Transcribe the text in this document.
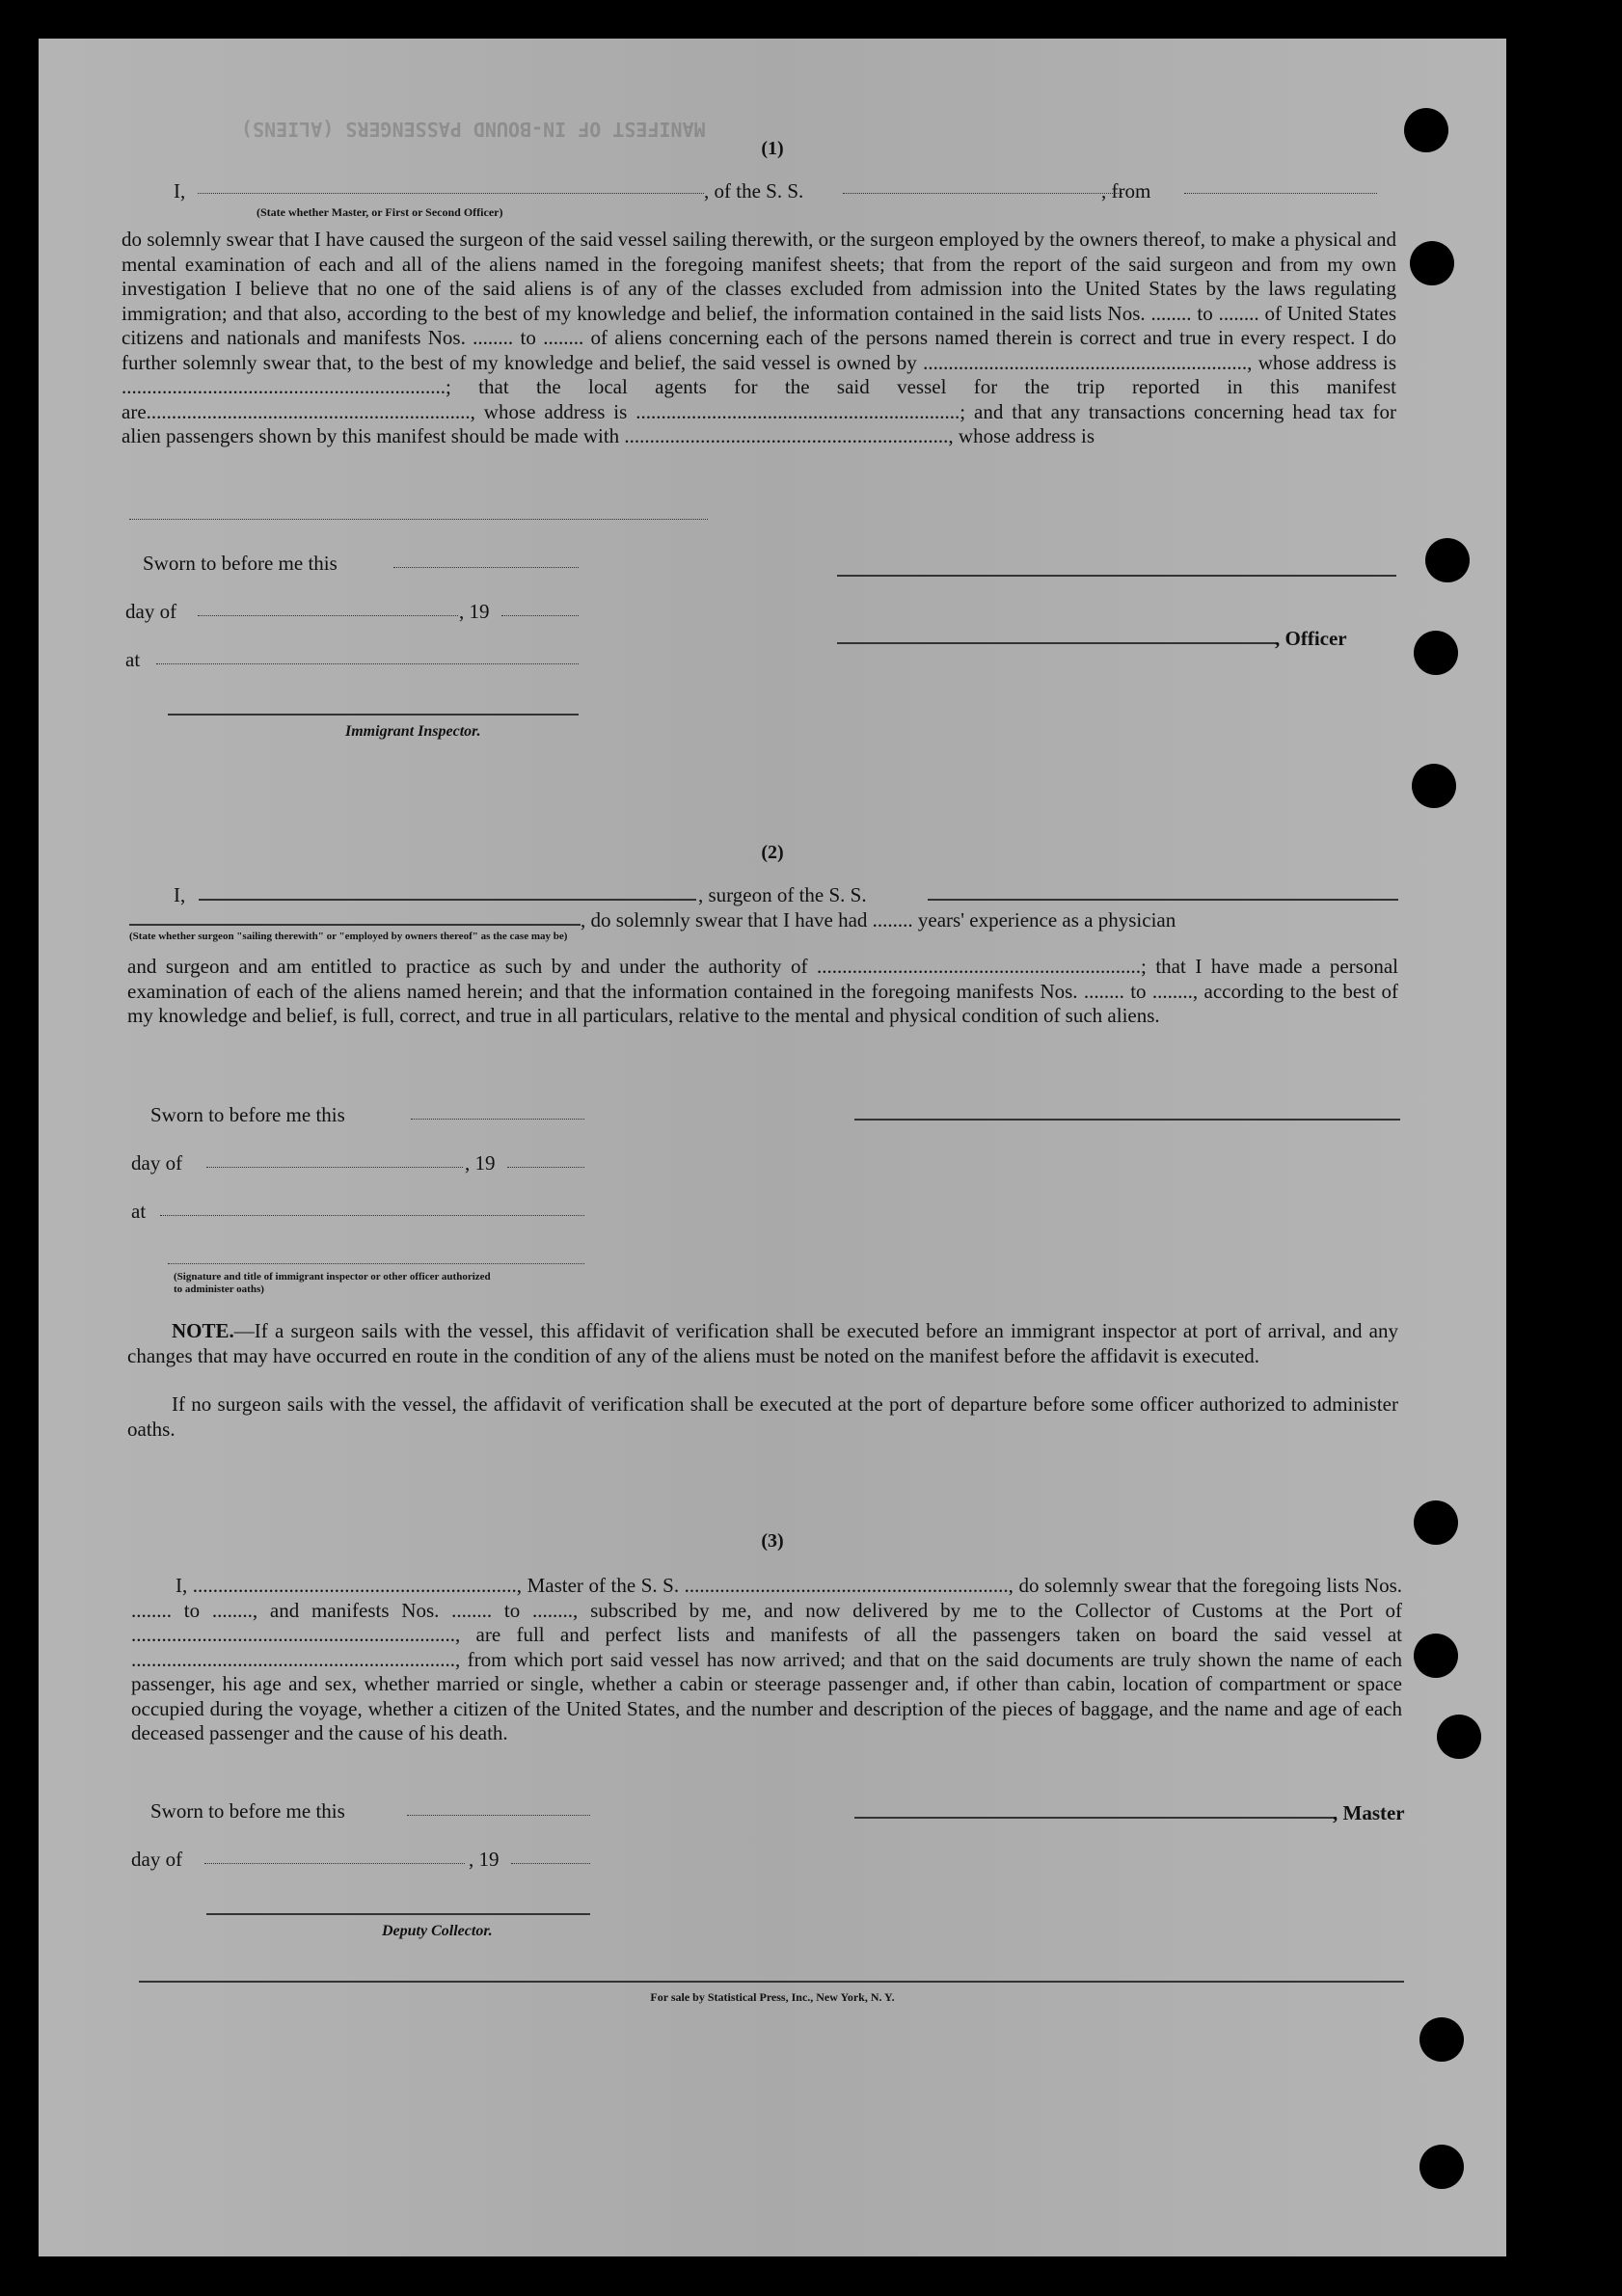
MANIFEST OF IN-BOUND PASSENGERS (ALIENS)
(1)
I,	, of the S. S.	, from
(State whether Master, or First or Second Officer)
do solemnly swear that I have caused the surgeon of the said vessel sailing therewith, or the surgeon employed by the owners thereof, to make a physical and mental examination of each and all of the aliens named in the foregoing manifest sheets; that from the report of the said surgeon and from my own investigation I believe that no one of the said aliens is of any of the classes excluded from admission into the United States by the laws regulating immigration; and that also, according to the best of my knowledge and belief, the information contained in the said lists Nos. ........ to ........ of United States citizens and nationals and manifests Nos. ........ to ........ of aliens concerning each of the persons named therein is correct and true in every respect. I do further solemnly swear that, to the best of my knowledge and belief, the said vessel is owned by ................................................................, whose address is ................................................................; that the local agents for the said vessel for the trip reported in this manifest are................................................................, whose address is ................................................................; and that any transactions concerning head tax for alien passengers shown by this manifest should be made with ................................................................, whose address is
Sworn to before me this
day of	, 19
at
Immigrant Inspector.
, Officer
(2)
I,	, surgeon of the S. S.
, do solemnly swear that I have had ........ years' experience as a physician
(State whether surgeon "sailing therewith" or "employed by owners thereof" as the case may be)
and surgeon and am entitled to practice as such by and under the authority of ................................................................; that I have made a personal examination of each of the aliens named herein; and that the information contained in the foregoing manifests Nos. ........ to ........, according to the best of my knowledge and belief, is full, correct, and true in all particulars, relative to the mental and physical condition of such aliens.
Sworn to before me this
day of	, 19
at
(Signature and title of immigrant inspector or other officer authorized to administer oaths)
NOTE.—If a surgeon sails with the vessel, this affidavit of verification shall be executed before an immigrant inspector at port of arrival, and any changes that may have occurred en route in the condition of any of the aliens must be noted on the manifest before the affidavit is executed.
If no surgeon sails with the vessel, the affidavit of verification shall be executed at the port of departure before some officer authorized to administer oaths.
(3)
I, ................................................................, Master of the S. S. ................................................................, do solemnly swear that the foregoing lists Nos. ........ to ........, and manifests Nos. ........ to ........, subscribed by me, and now delivered by me to the Collector of Customs at the Port of ................................................................, are full and perfect lists and manifests of all the passengers taken on board the said vessel at ................................................................, from which port said vessel has now arrived; and that on the said documents are truly shown the name of each passenger, his age and sex, whether married or single, whether a cabin or steerage passenger and, if other than cabin, location of compartment or space occupied during the voyage, whether a citizen of the United States, and the number and description of the pieces of baggage, and the name and age of each deceased passenger and the cause of his death.
Sworn to before me this
day of	, 19
Deputy Collector.
, Master
For sale by Statistical Press, Inc., New York, N. Y.
